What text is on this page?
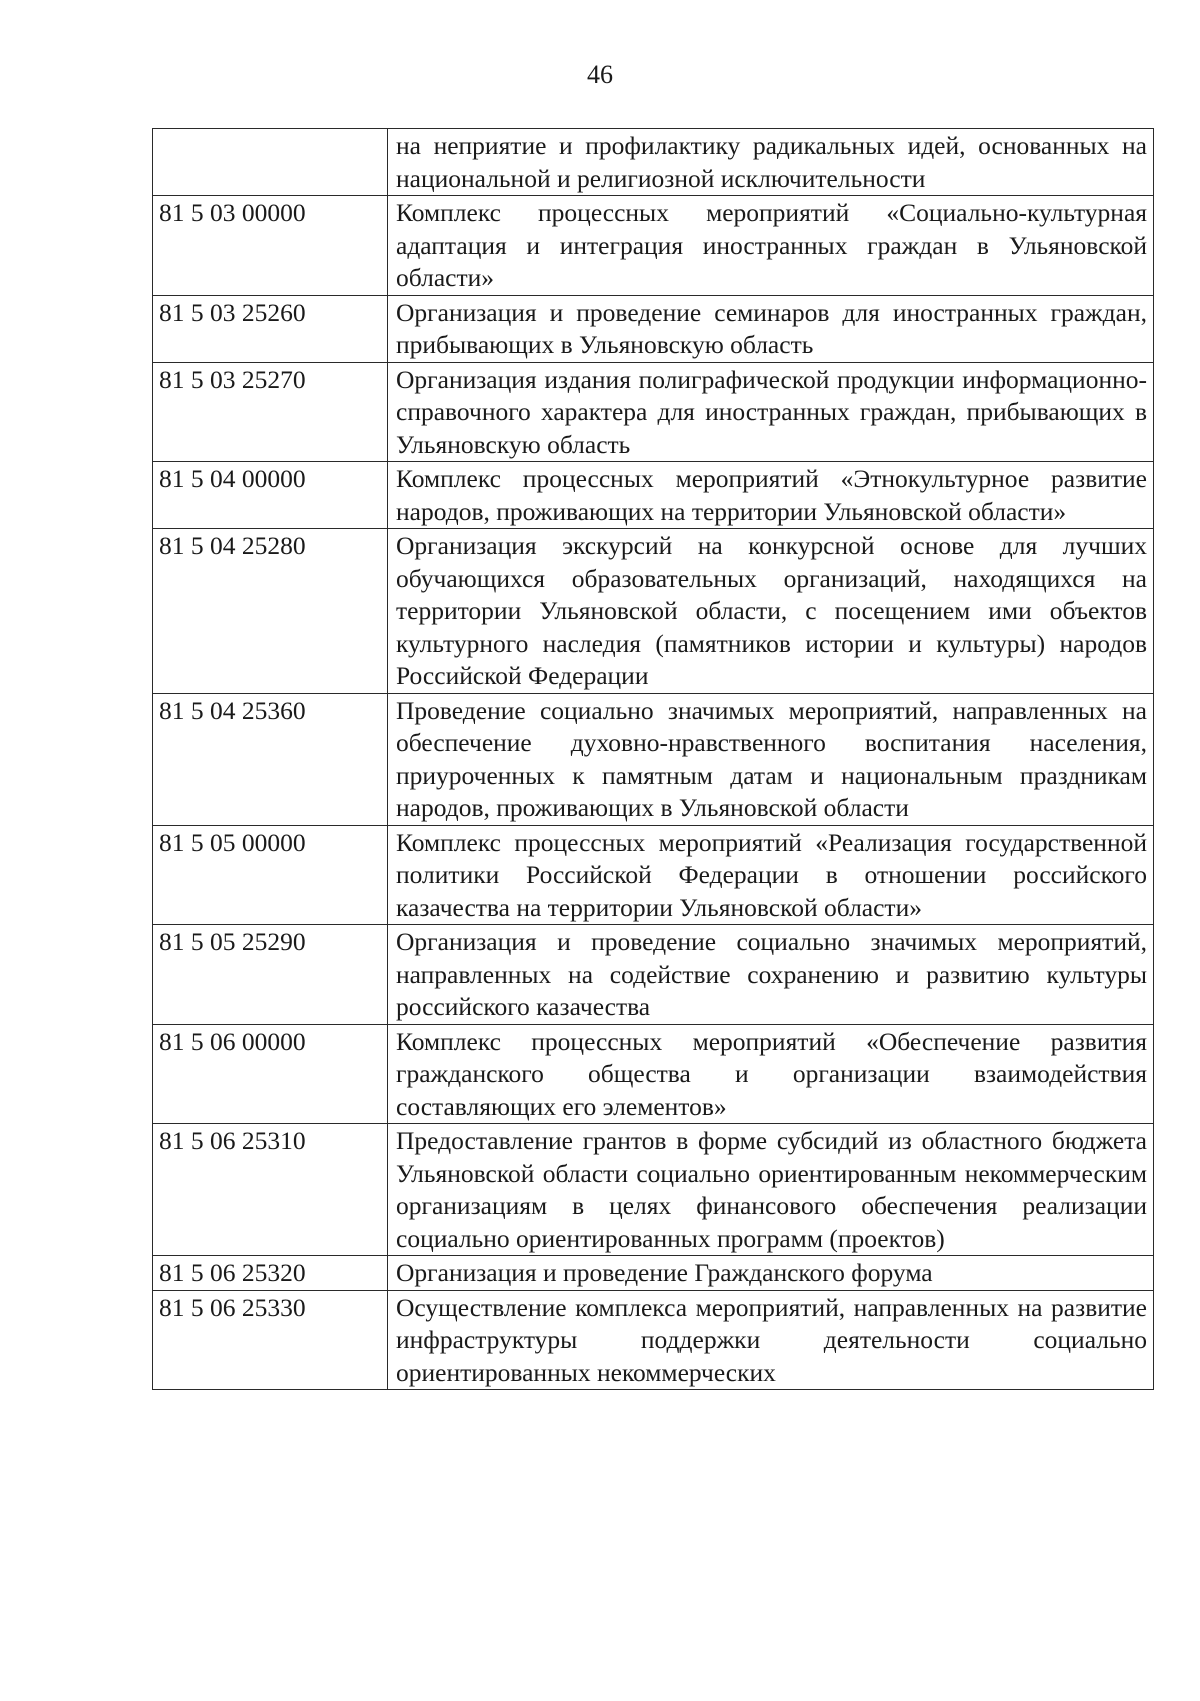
46
	на неприятие и профилактику радикальных идей, основанных на национальной и религиозной исключительности
81 5 03 00000	Комплекс процессных мероприятий «Социально-культурная адаптация и интеграция иностранных граждан в Ульяновской области»
81 5 03 25260	Организация и проведение семинаров для иностранных граждан, прибывающих в Ульяновскую область
81 5 03 25270	Организация издания полиграфической продукции информационно-справочного характера для иностранных граждан, прибывающих в Ульяновскую область
81 5 04 00000	Комплекс процессных мероприятий «Этнокультурное развитие народов, проживающих на территории Ульяновской области»
81 5 04 25280	Организация экскурсий на конкурсной основе для лучших обучающихся образовательных организаций, находящихся на территории Ульяновской области, с посещением ими объектов культурного наследия (памятников истории и культуры) народов Российской Федерации
81 5 04 25360	Проведение социально значимых мероприятий, направленных на обеспечение духовно-нравственного воспитания населения, приуроченных к памятным датам и национальным праздникам народов, проживающих в Ульяновской области
81 5 05 00000	Комплекс процессных мероприятий «Реализация государственной политики Российской Федерации в отношении российского казачества на территории Ульяновской области»
81 5 05 25290	Организация и проведение социально значимых мероприятий, направленных на содействие сохранению и развитию культуры российского казачества
81 5 06 00000	Комплекс процессных мероприятий «Обеспечение развития гражданского общества и организации взаимодействия составляющих его элементов»
81 5 06 25310	Предоставление грантов в форме субсидий из областного бюджета Ульяновской области социально ориентированным некоммерческим организациям в целях финансового обеспечения реализации социально ориентированных программ (проектов)
81 5 06 25320	Организация и проведение Гражданского форума
81 5 06 25330	Осуществление комплекса мероприятий, направленных на развитие инфраструктуры поддержки деятельности социально ориентированных некоммерческих
